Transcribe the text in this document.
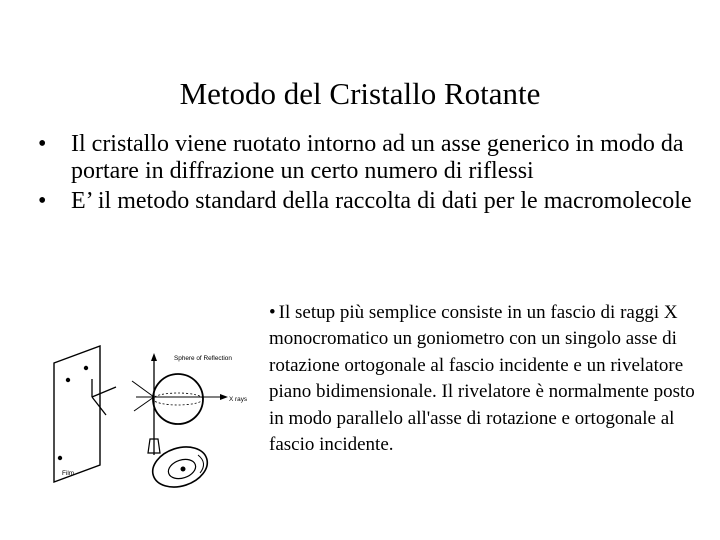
Metodo del Cristallo Rotante
• Il cristallo viene ruotato intorno ad un asse generico in modo da portare in diffrazione un certo numero di riflessi
• E’ il metodo standard della raccolta di dati per le macromolecole
Sphere of Reflection
X rays
Film
• Il setup più semplice consiste in un fascio di raggi X monocromatico un goniometro con un singolo asse di rotazione ortogonale al fascio incidente e un rivelatore piano bidimensionale. Il rivelatore è normalmente posto in modo parallelo all'asse di rotazione e ortogonale al fascio incidente.
